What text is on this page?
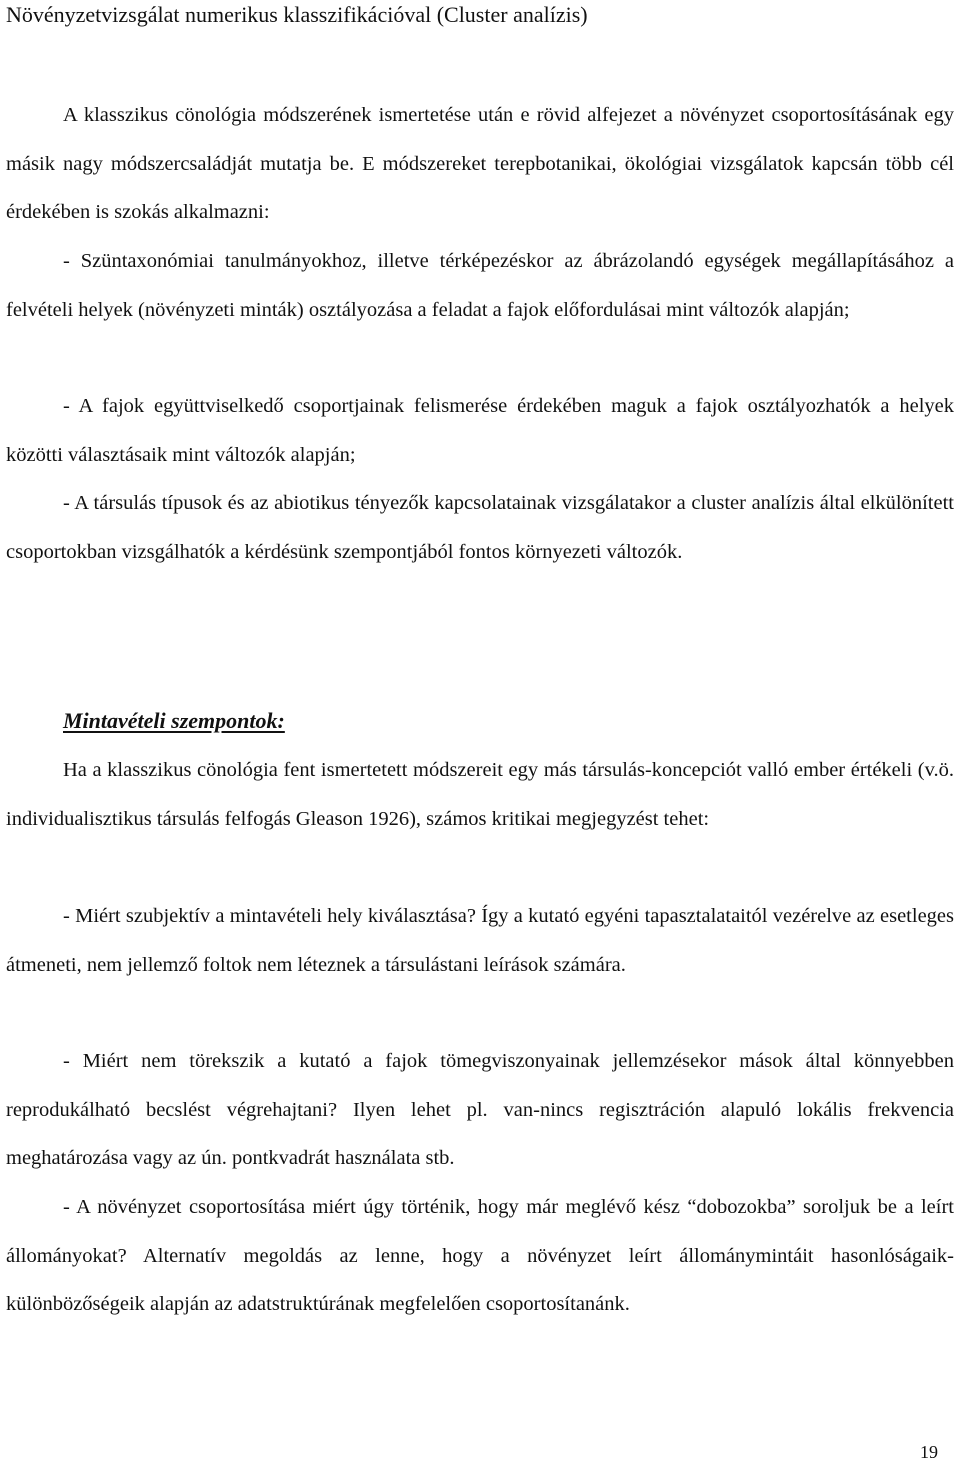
Növényzetvizsgálat numerikus klasszifikációval (Cluster analízis)

A klasszikus cönológia módszerének ismertetése után e rövid alfejezet a növényzet csoportosításának egy másik nagy módszercsaládját mutatja be. E módszereket terepbotanikai, ökológiai vizsgálatok kapcsán több cél érdekében is szokás alkalmazni:

- Szüntaxonómiai tanulmányokhoz, illetve térképezéskor az ábrázolandó egységek megállapításához a felvételi helyek (növényzeti minták) osztályozása a feladat a fajok előfordulásai mint változók alapján;

- A fajok együttviselkedő csoportjainak felismerése érdekében maguk a fajok osztályozhatók a helyek közötti választásaik mint változók alapján;

- A társulás típusok és az abiotikus tényezők kapcsolatainak vizsgálatakor a cluster analízis által elkülönített csoportokban vizsgálhatók a kérdésünk szempontjából fontos környezeti változók.

Mintavételi szempontok:

Ha a klasszikus cönológia fent ismertetett módszereit egy más társulás-koncepciót valló ember értékeli (v.ö. individualisztikus társulás felfogás Gleason 1926), számos kritikai megjegyzést tehet:

- Miért szubjektív a mintavételi hely kiválasztása? Így a kutató egyéni tapasztalataitól vezérelve az esetleges átmeneti, nem jellemző foltok nem léteznek a társulástani leírások számára.

- Miért nem törekszik a kutató a fajok tömegviszonyainak jellemzésekor mások által könnyebben reprodukálható becslést végrehajtani? Ilyen lehet pl. van-nincs regisztráción alapuló lokális frekvencia meghatározása vagy az ún. pontkvadrát használata stb.

- A növényzet csoportosítása miért úgy történik, hogy már meglévő kész “dobozokba” soroljuk be a leírt állományokat? Alternatív megoldás az lenne, hogy a növényzet leírt állománymintáit hasonlóságaik-különbözőségeik alapján az adatstruktúrának megfelelően csoportosítanánk.

19
